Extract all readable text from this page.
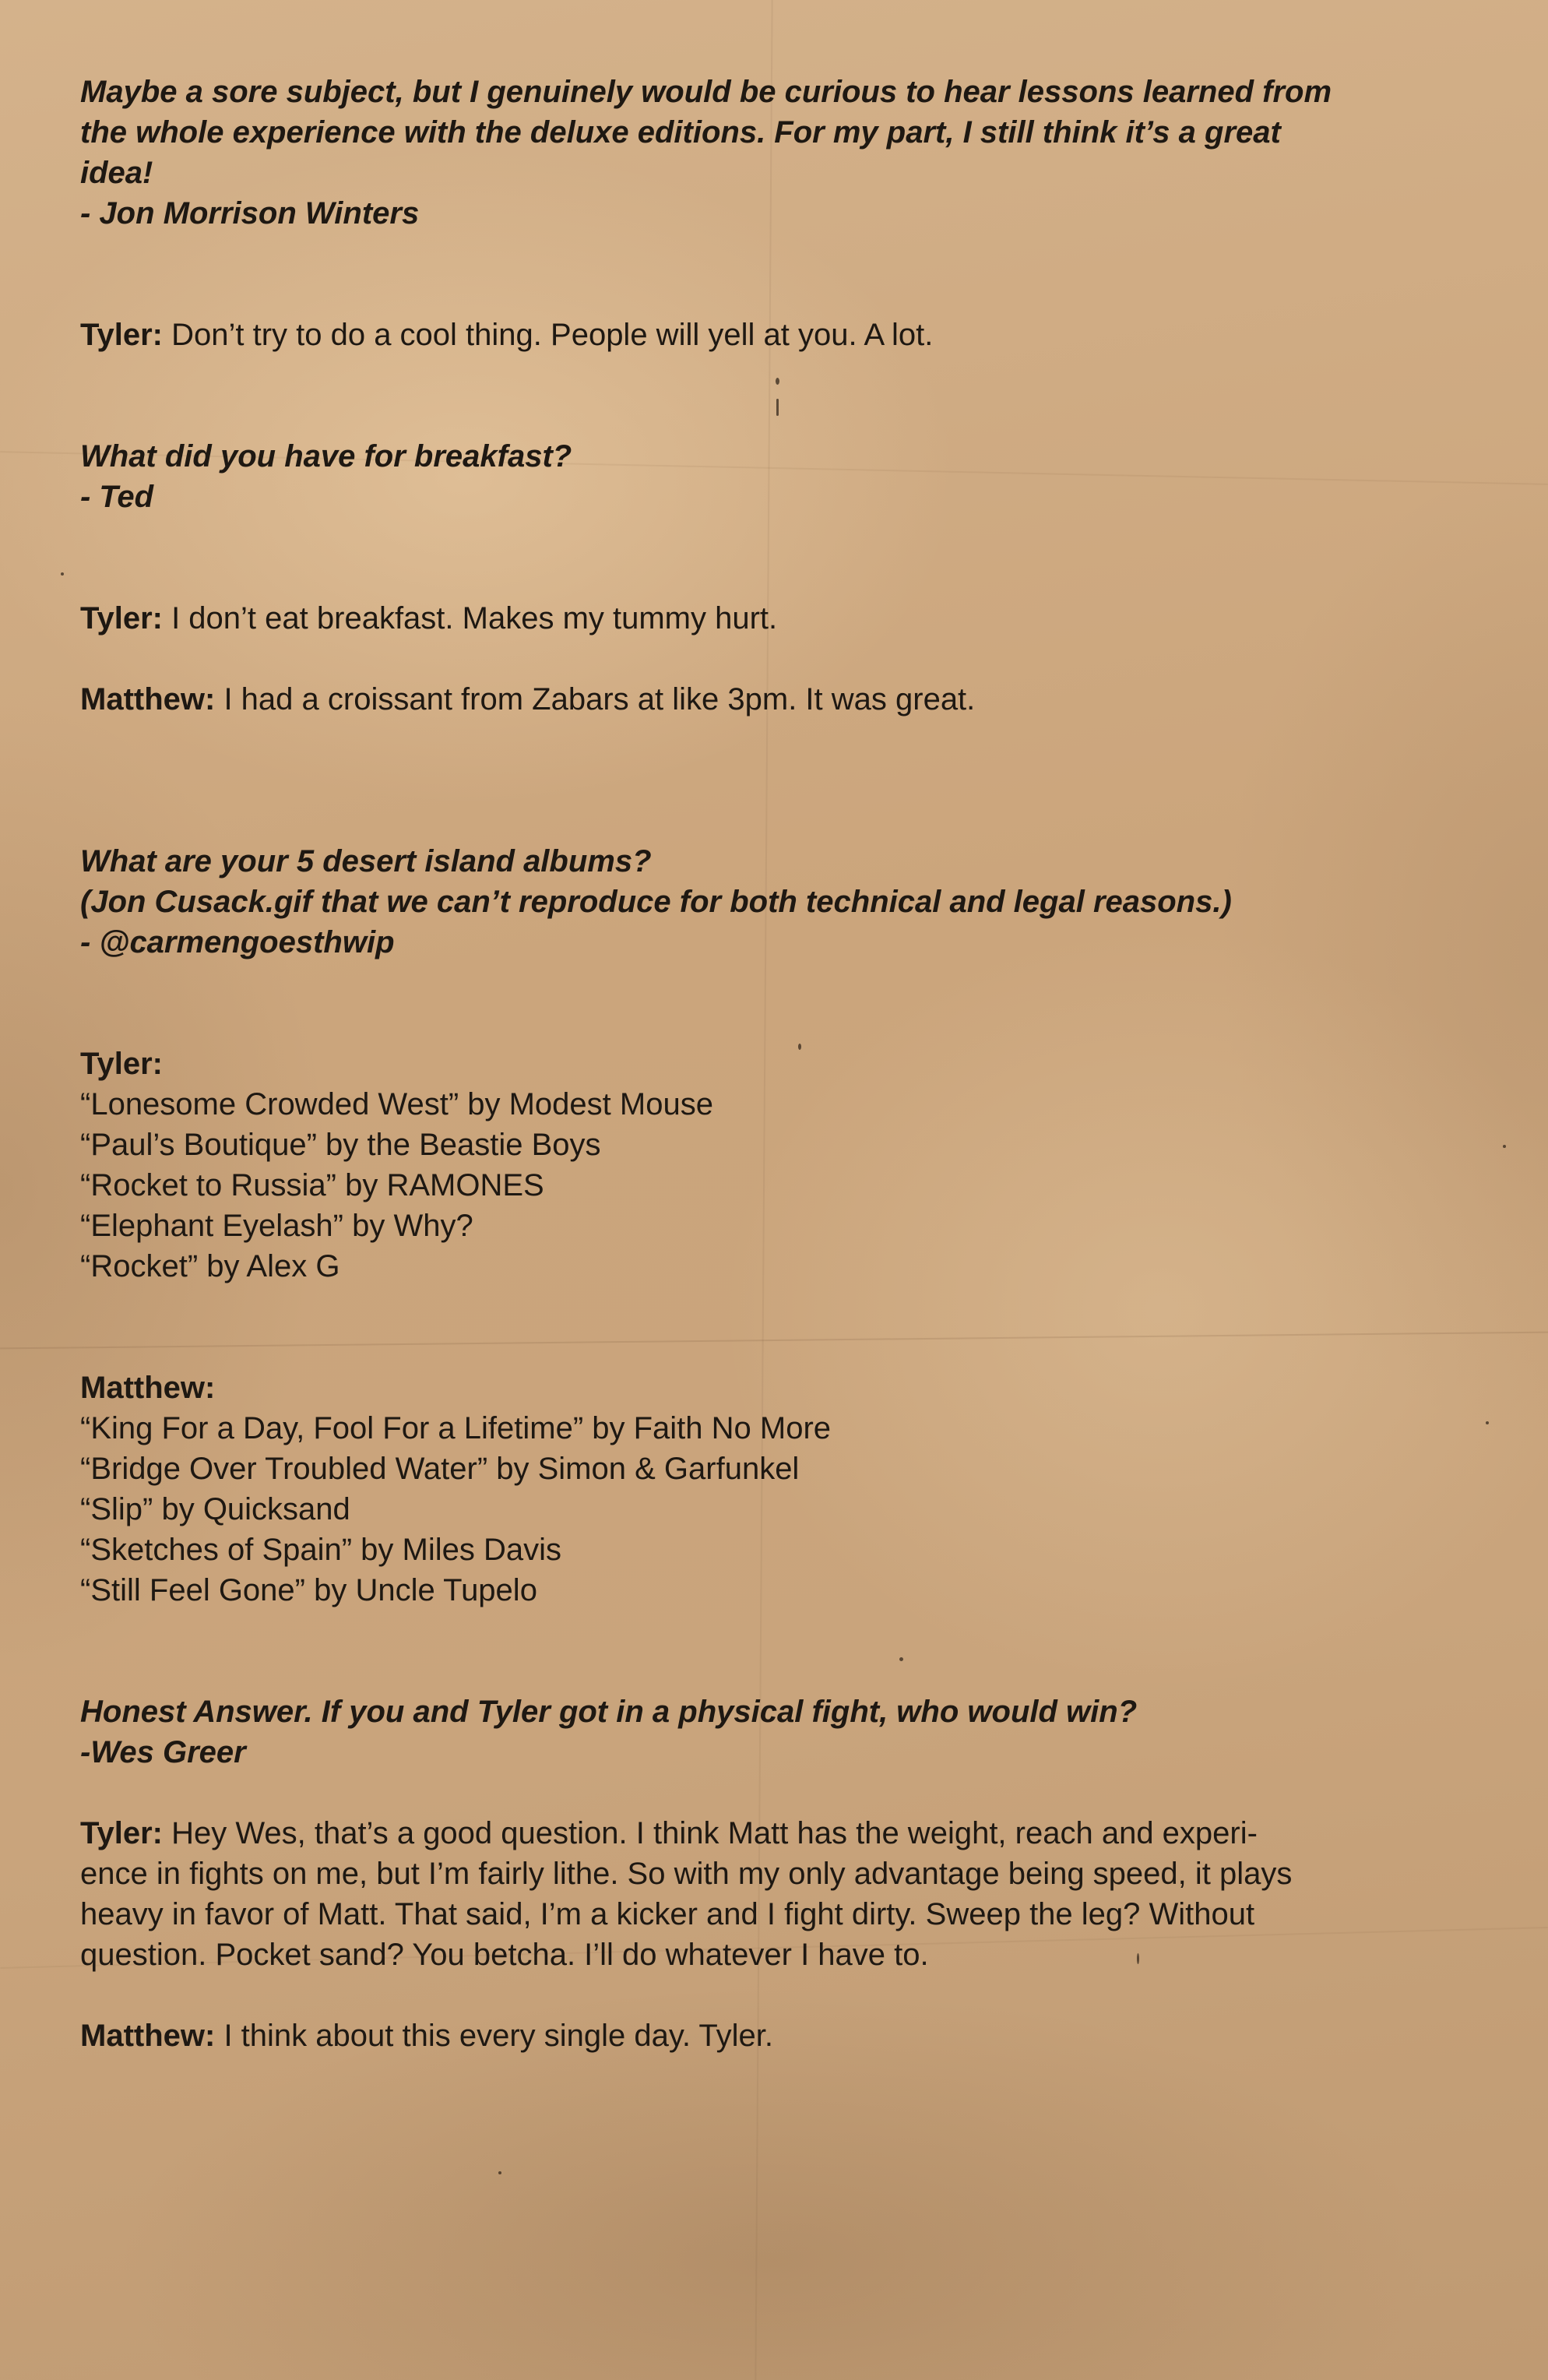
Maybe a sore subject, but I genuinely would be curious to hear lessons learned from
the whole experience with the deluxe editions. For my part, I still think it’s a great
idea!
- Jon Morrison Winters
Tyler: Don’t try to do a cool thing. People will yell at you. A lot.
What did you have for breakfast?
- Ted
Tyler: I don’t eat breakfast. Makes my tummy hurt.
Matthew: I had a croissant from Zabars at like 3pm. It was great.
What are your 5 desert island albums?
(Jon Cusack.gif that we can’t reproduce for both technical and legal reasons.)
- @carmengoesthwip
Tyler:
“Lonesome Crowded West” by Modest Mouse
“Paul’s Boutique” by the Beastie Boys
“Rocket to Russia” by RAMONES
“Elephant Eyelash” by Why?
“Rocket” by Alex G
Matthew:
“King For a Day, Fool For a Lifetime” by Faith No More
“Bridge Over Troubled Water” by Simon & Garfunkel
“Slip” by Quicksand
“Sketches of Spain” by Miles Davis
“Still Feel Gone” by Uncle Tupelo
Honest Answer. If you and Tyler got in a physical fight, who would win?
-Wes Greer
Tyler: Hey Wes, that’s a good question. I think Matt has the weight, reach and experi-
ence in fights on me, but I’m fairly lithe. So with my only advantage being speed, it plays
heavy in favor of Matt. That said, I’m a kicker and I fight dirty. Sweep the leg? Without
question. Pocket sand? You betcha. I’ll do whatever I have to.
Matthew: I think about this every single day. Tyler.
